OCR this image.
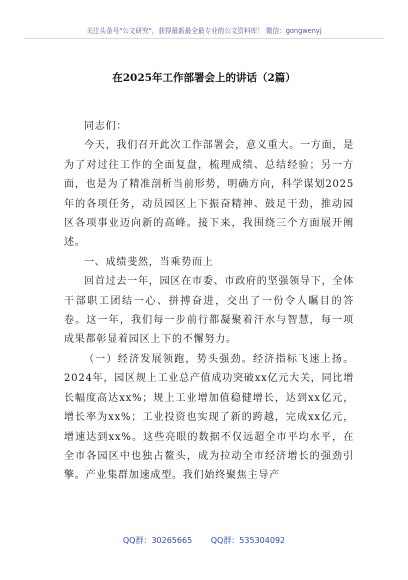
关注头条号"公文研究"，获得最新最全最专业的公文资料库！ 微信：gongwenyj
在2025年工作部署会上的讲话（2篇）

同志们：

今天，我们召开此次工作部署会，意义重大。一方面，是为了对过往工作的全面复盘，梳理成绩、总结经验；另一方面，也是为了精准剖析当前形势，明确方向，科学谋划2025年的各项任务，动员园区上下振奋精神、鼓足干劲，推动园区各项事业迈向新的高峰。接下来，我围绕三个方面展开阐述。

一、成绩斐然，当乘势而上

回首过去一年，园区在市委、市政府的坚强领导下，全体干部职工团结一心、拼搏奋进，交出了一份令人瞩目的答卷。这一年，我们每一步前行都凝聚着汗水与智慧，每一项成果都彰显着园区上下的不懈努力。

（一）经济发展领跑，势头强劲。经济指标飞速上扬。2024年，园区规上工业总产值成功突破xx亿元大关，同比增长幅度高达xx%；规上工业增加值稳健增长，达到xx亿元，增长率为xx%；工业投资也实现了新的跨越，完成xx亿元，增速达到xx%。这些亮眼的数据不仅远超全市平均水平，在全市各园区中也独占鳌头，成为拉动全市经济增长的强劲引擎。产业集群加速成型。我们始终聚焦主导产

QQ群：30265665 QQ群：535304092
